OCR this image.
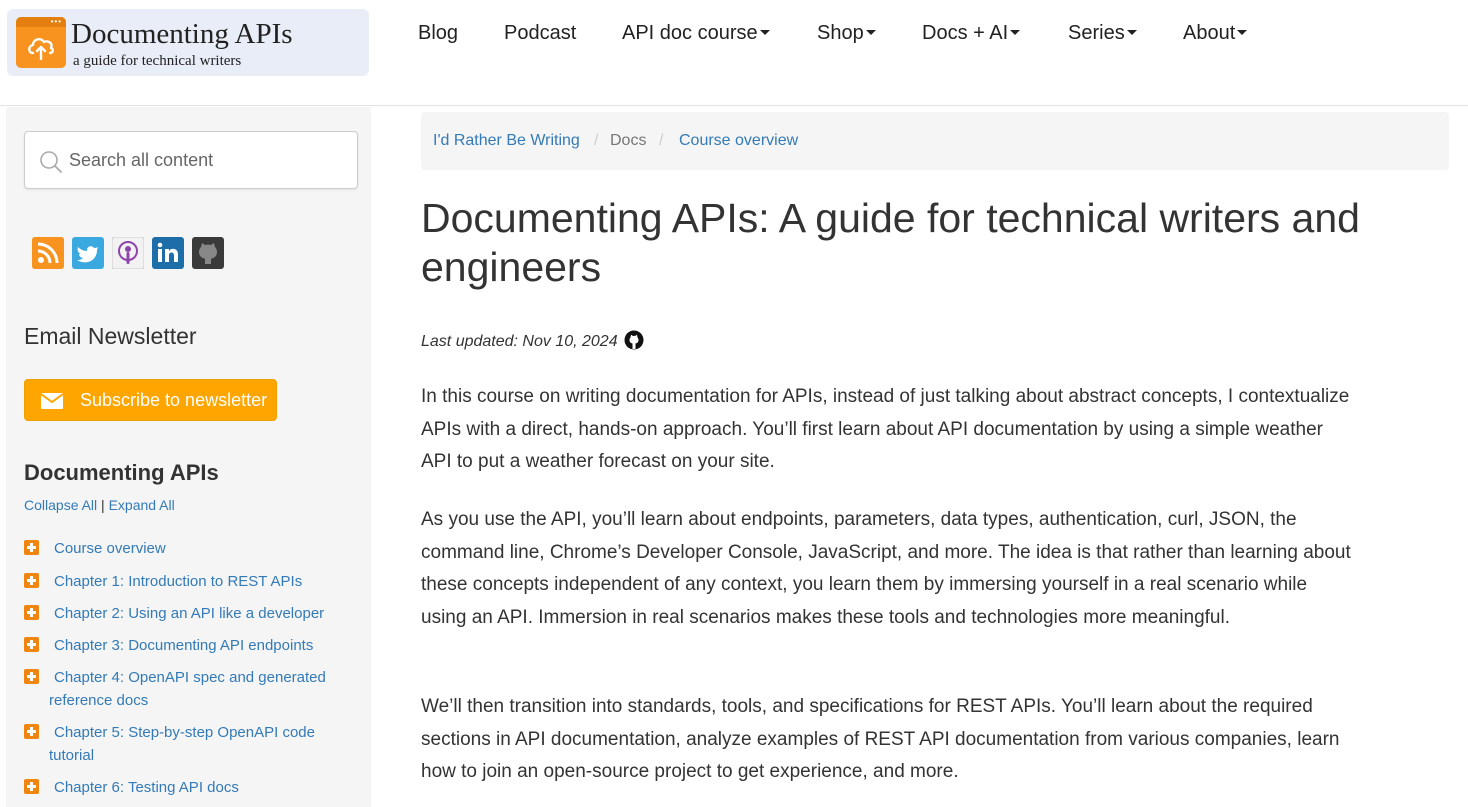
••• Documenting APIs
a guide for technical writers
Blog Podcast API doc course	Shop	Docs + AI	Series	About
Search all content
Email Newsletter
Subscribe to newsletter
Documenting APIs
Collapse All | Expand All
Course overview
Chapter 1: Introduction to REST APIs
Chapter 2: Using an API like a developer
Chapter 3: Documenting API endpoints
Chapter 4: OpenAPI spec and generated reference docs
Chapter 5: Step-by-step OpenAPI code tutorial
Chapter 6: Testing API docs
I'd Rather Be Writing / Docs / Course overview
Documenting APIs: A guide for technical writers and engineers
Last updated: Nov 10, 2024

In this course on writing documentation for APIs, instead of just talking about abstract concepts, I contextualize APIs with a direct, hands-on approach. You’ll first learn about API documentation by using a simple weather API to put a weather forecast on your site.

As you use the API, you’ll learn about endpoints, parameters, data types, authentication, curl, JSON, the command line, Chrome’s Developer Console, JavaScript, and more. The idea is that rather than learning about these concepts independent of any context, you learn them by immersing yourself in a real scenario while using an API. Immersion in real scenarios makes these tools and technologies more meaningful.

We’ll then transition into standards, tools, and specifications for REST APIs. You’ll learn about the required sections in API documentation, analyze examples of REST API documentation from various companies, learn how to join an open-source project to get experience, and more.
